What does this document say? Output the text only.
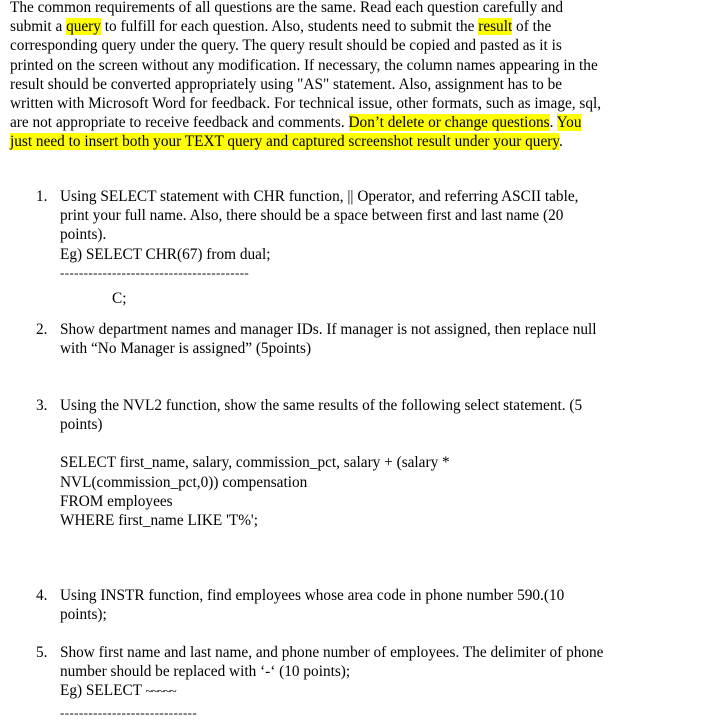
The common requirements of all questions are the same. Read each question carefully and
submit a query to fulfill for each question. Also, students need to submit the result of the
corresponding query under the query. The query result should be copied and pasted as it is
printed on the screen without any modification. If necessary, the column names appearing in the
result should be converted appropriately using "AS" statement. Also, assignment has to be
written with Microsoft Word for feedback. For technical issue, other formats, such as image, sql,
are not appropriate to receive feedback and comments. Don’t delete or change questions. You
just need to insert both your TEXT query and captured screenshot result under your query.
1. Using SELECT statement with CHR function, || Operator, and referring ASCII table,
print your full name. Also, there should be a space between first and last name (20
points).
Eg) SELECT CHR(67) from dual;
----------------------------------------
C;
2. Show department names and manager IDs. If manager is not assigned, then replace null
with “No Manager is assigned” (5points)
3. Using the NVL2 function, show the same results of the following select statement. (5
points)
SELECT first_name, salary, commission_pct, salary + (salary *
NVL(commission_pct,0)) compensation
FROM employees
WHERE first_name LIKE 'T%';
4. Using INSTR function, find employees whose area code in phone number 590.(10
points);
5. Show first name and last name, and phone number of employees. The delimiter of phone
number should be replaced with ‘-‘ (10 points);
Eg) SELECT ~~~~~
-----------------------------
